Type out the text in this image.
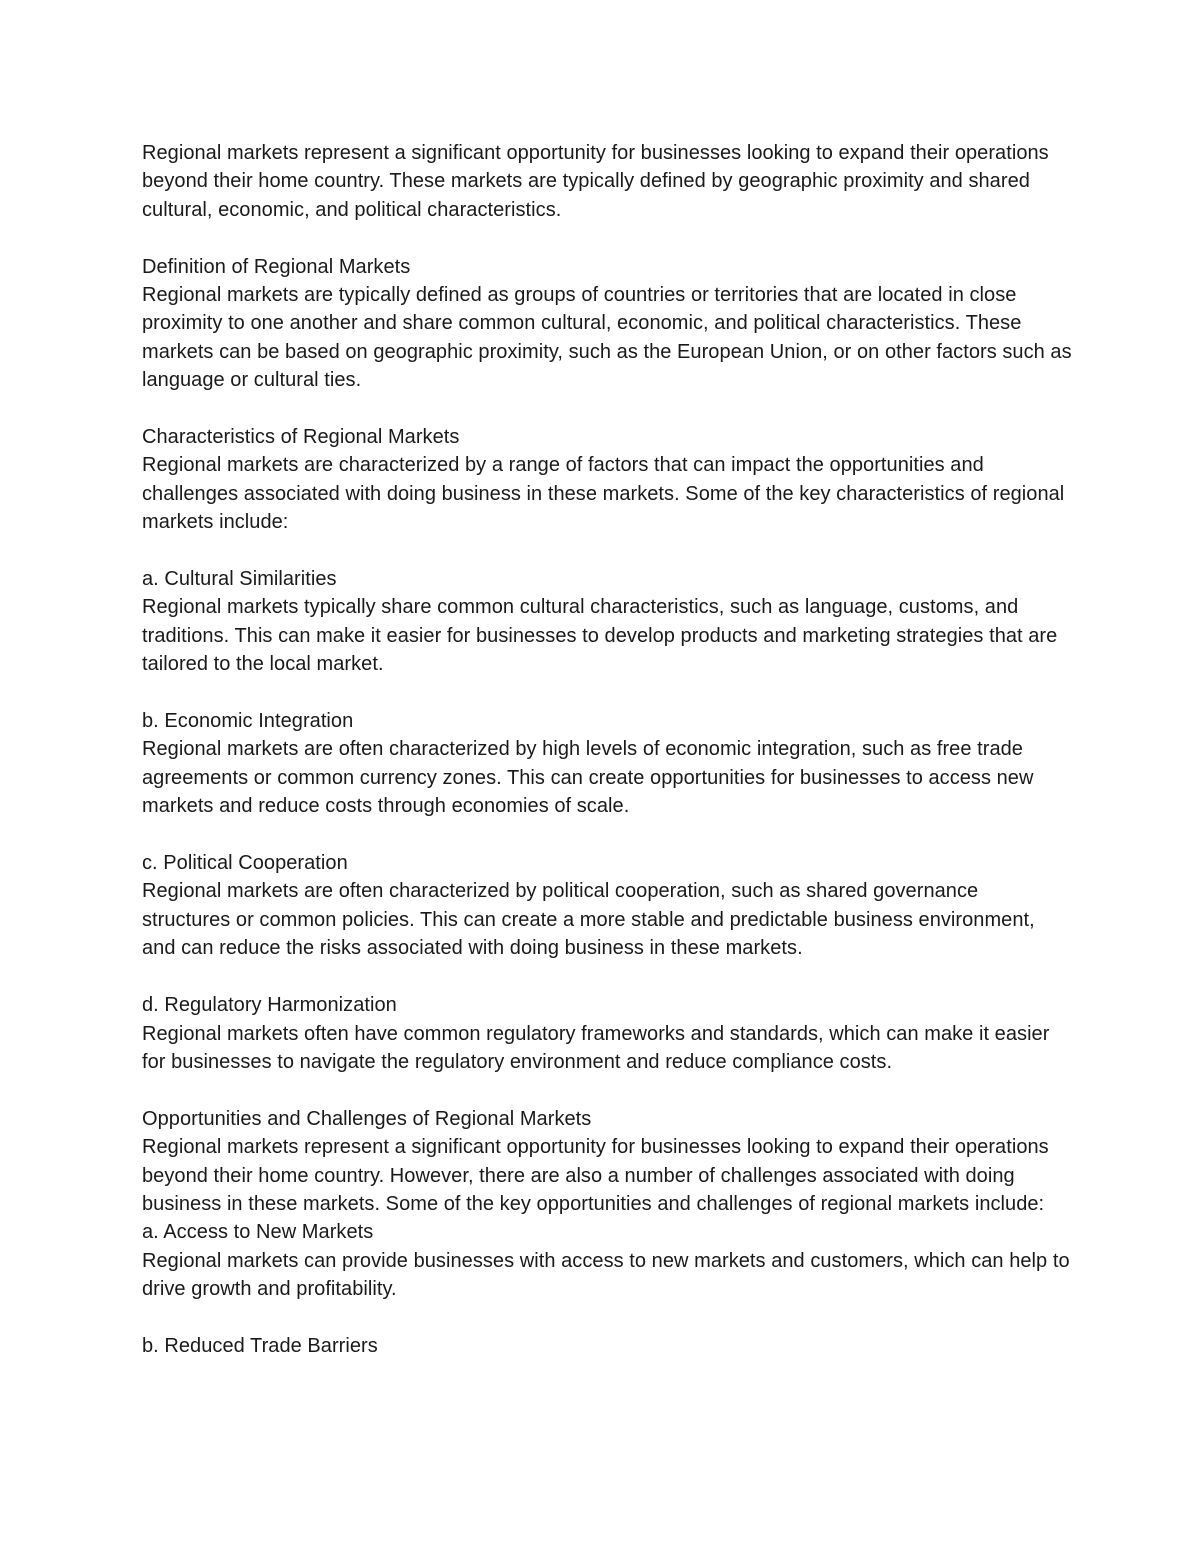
Regional markets represent a significant opportunity for businesses looking to expand their operations beyond their home country. These markets are typically defined by geographic proximity and shared cultural, economic, and political characteristics.

Definition of Regional Markets

Regional markets are typically defined as groups of countries or territories that are located in close proximity to one another and share common cultural, economic, and political characteristics. These markets can be based on geographic proximity, such as the European Union, or on other factors such as language or cultural ties.

Characteristics of Regional Markets

Regional markets are characterized by a range of factors that can impact the opportunities and challenges associated with doing business in these markets. Some of the key characteristics of regional markets include:

a. Cultural Similarities

Regional markets typically share common cultural characteristics, such as language, customs, and traditions. This can make it easier for businesses to develop products and marketing strategies that are tailored to the local market.

b. Economic Integration

Regional markets are often characterized by high levels of economic integration, such as free trade agreements or common currency zones. This can create opportunities for businesses to access new markets and reduce costs through economies of scale.

c. Political Cooperation

Regional markets are often characterized by political cooperation, such as shared governance structures or common policies. This can create a more stable and predictable business environment, and can reduce the risks associated with doing business in these markets.

d. Regulatory Harmonization

Regional markets often have common regulatory frameworks and standards, which can make it easier for businesses to navigate the regulatory environment and reduce compliance costs.

Opportunities and Challenges of Regional Markets

Regional markets represent a significant opportunity for businesses looking to expand their operations beyond their home country. However, there are also a number of challenges associated with doing business in these markets. Some of the key opportunities and challenges of regional markets include:

a. Access to New Markets

Regional markets can provide businesses with access to new markets and customers, which can help to drive growth and profitability.

b. Reduced Trade Barriers
